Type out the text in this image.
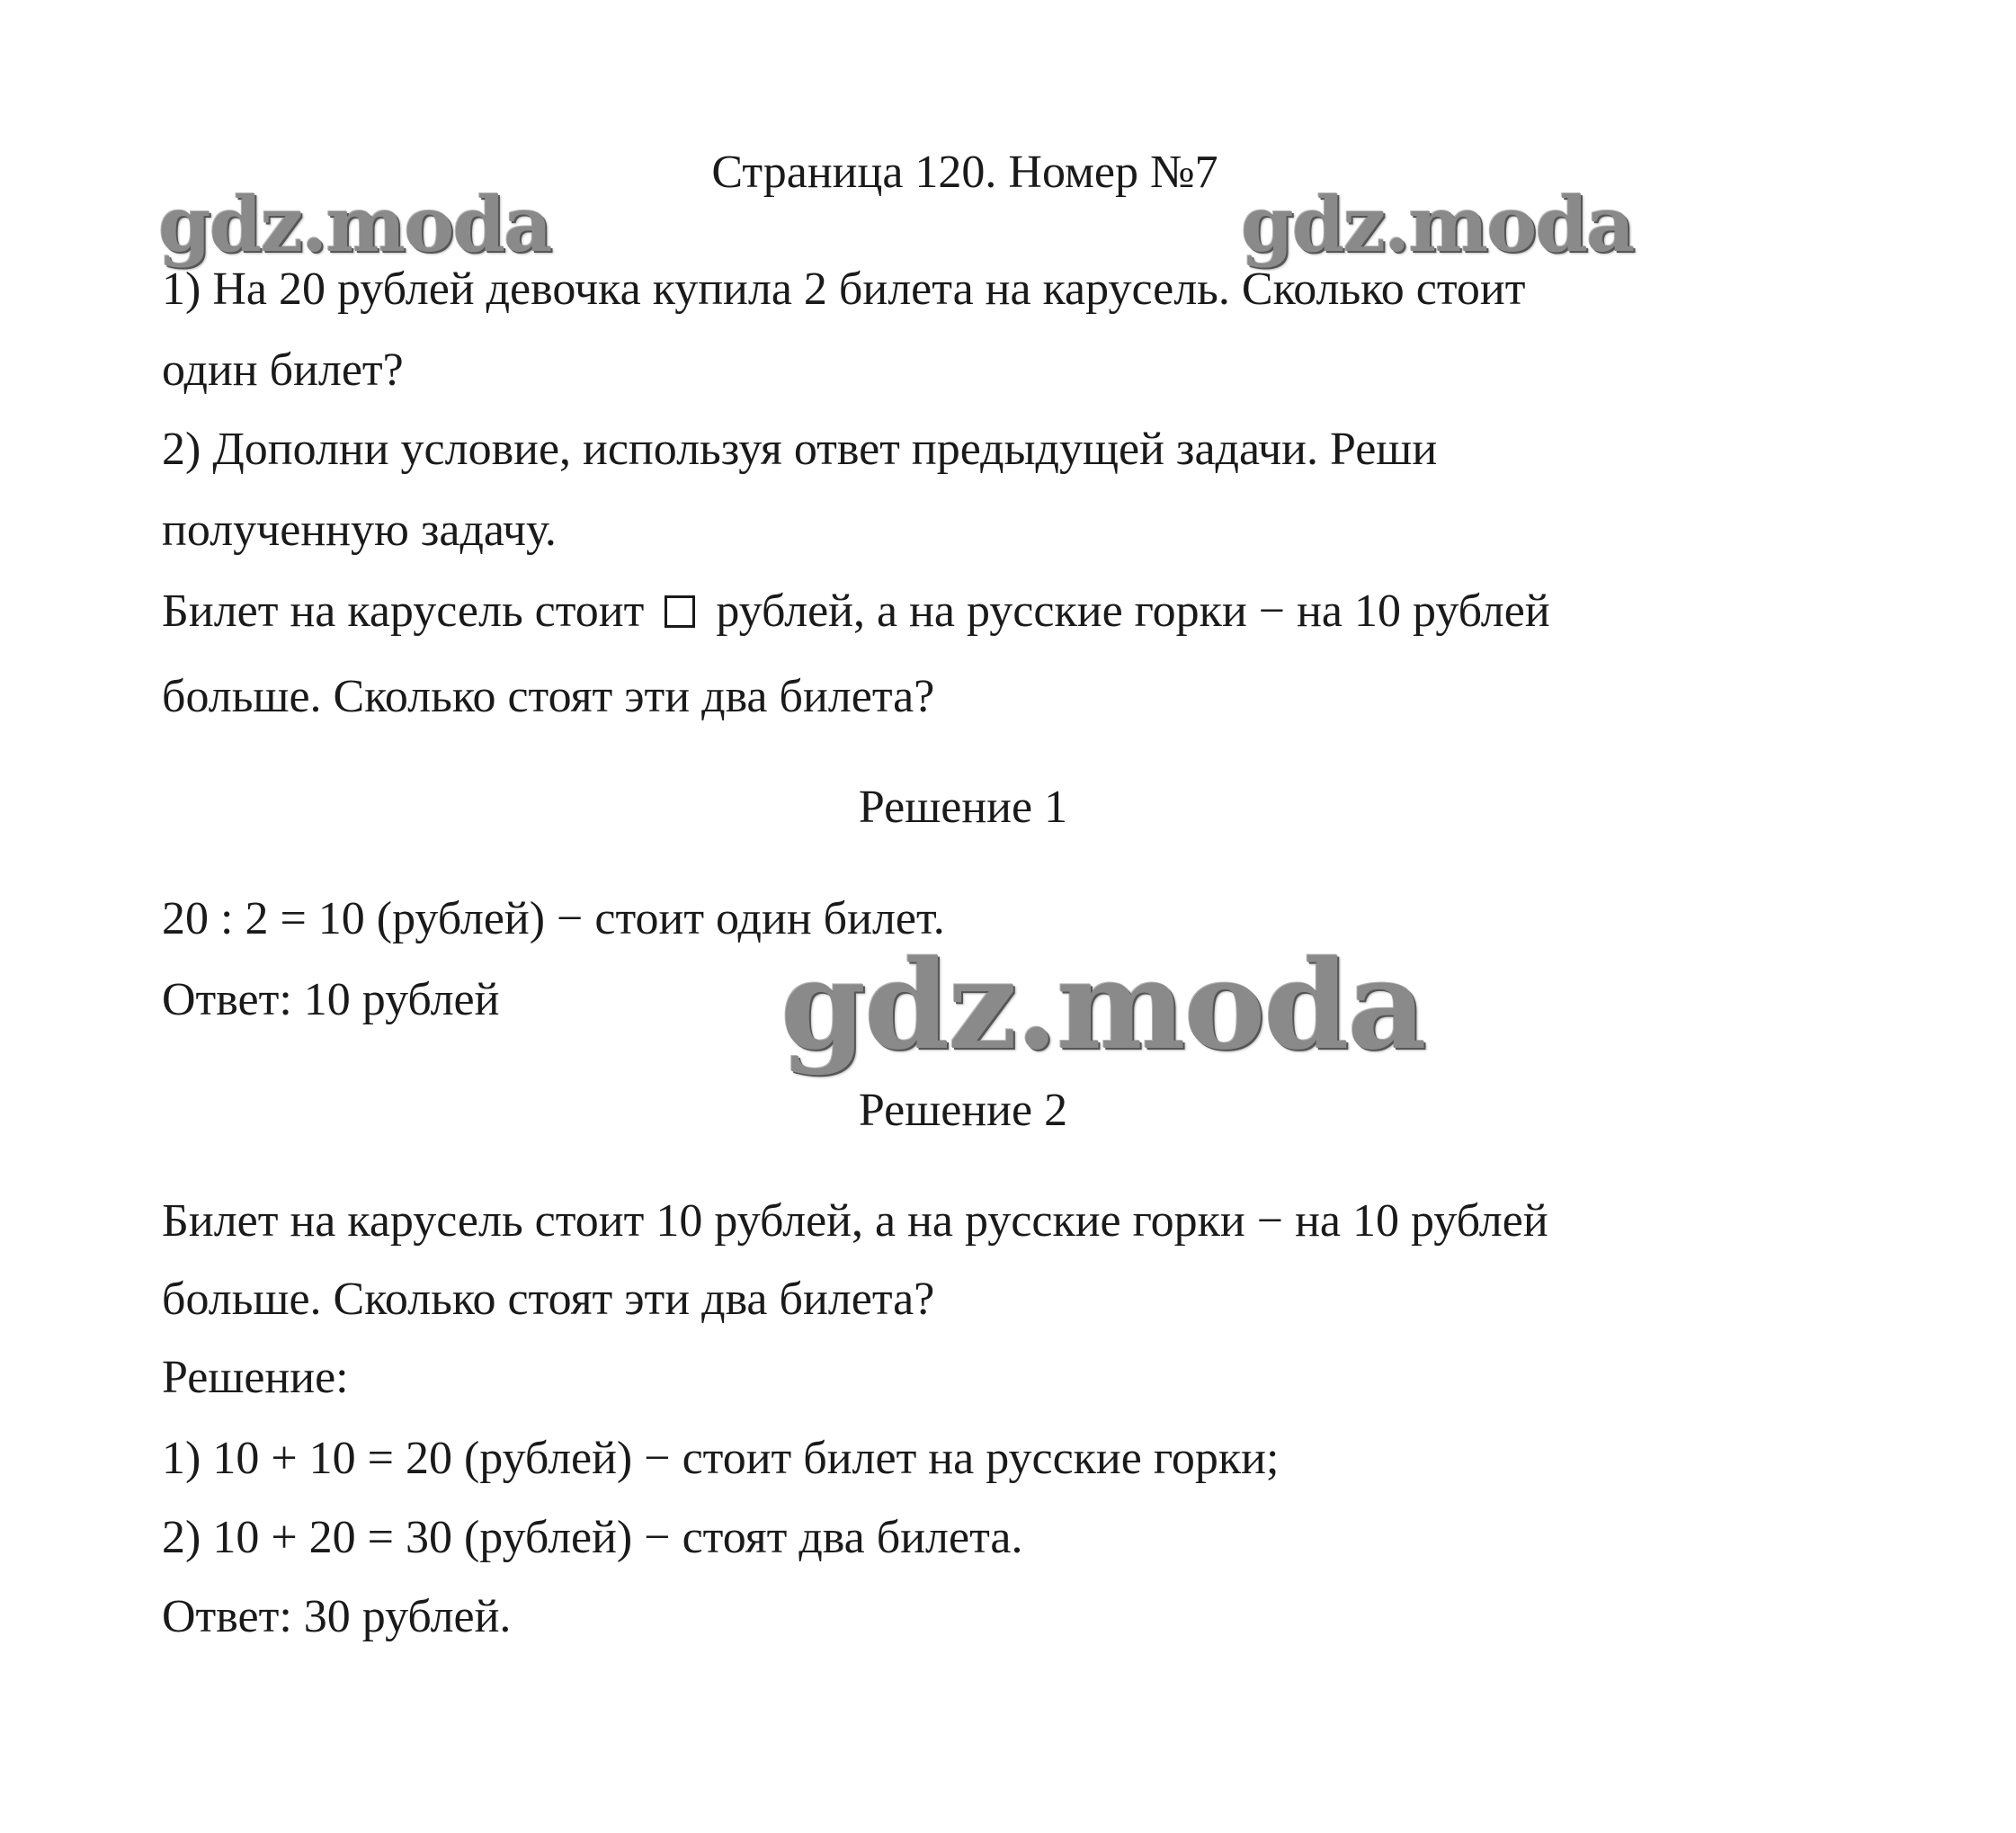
Страница 120. Номер №7
gdz.moda	gdz.moda
1) На 20 рублей девочка купила 2 билета на карусель. Сколько стоит
один билет?
2) Дополни условие, используя ответ предыдущей задачи. Реши
полученную задачу.
Билет на карусель стоит рублей, а на русские горки − на 10 рублей
больше. Сколько стоят эти два билета?
Решение 1
20 : 2 = 10 (рублей) − стоит один билет.
Ответ: 10 рублей gdz.moda
Решение 2
Билет на карусель стоит 10 рублей, а на русские горки − на 10 рублей
больше. Сколько стоят эти два билета?
Решение:
1) 10 + 10 = 20 (рублей) − стоит билет на русские горки;
2) 10 + 20 = 30 (рублей) − стоят два билета.
Ответ: 30 рублей.
